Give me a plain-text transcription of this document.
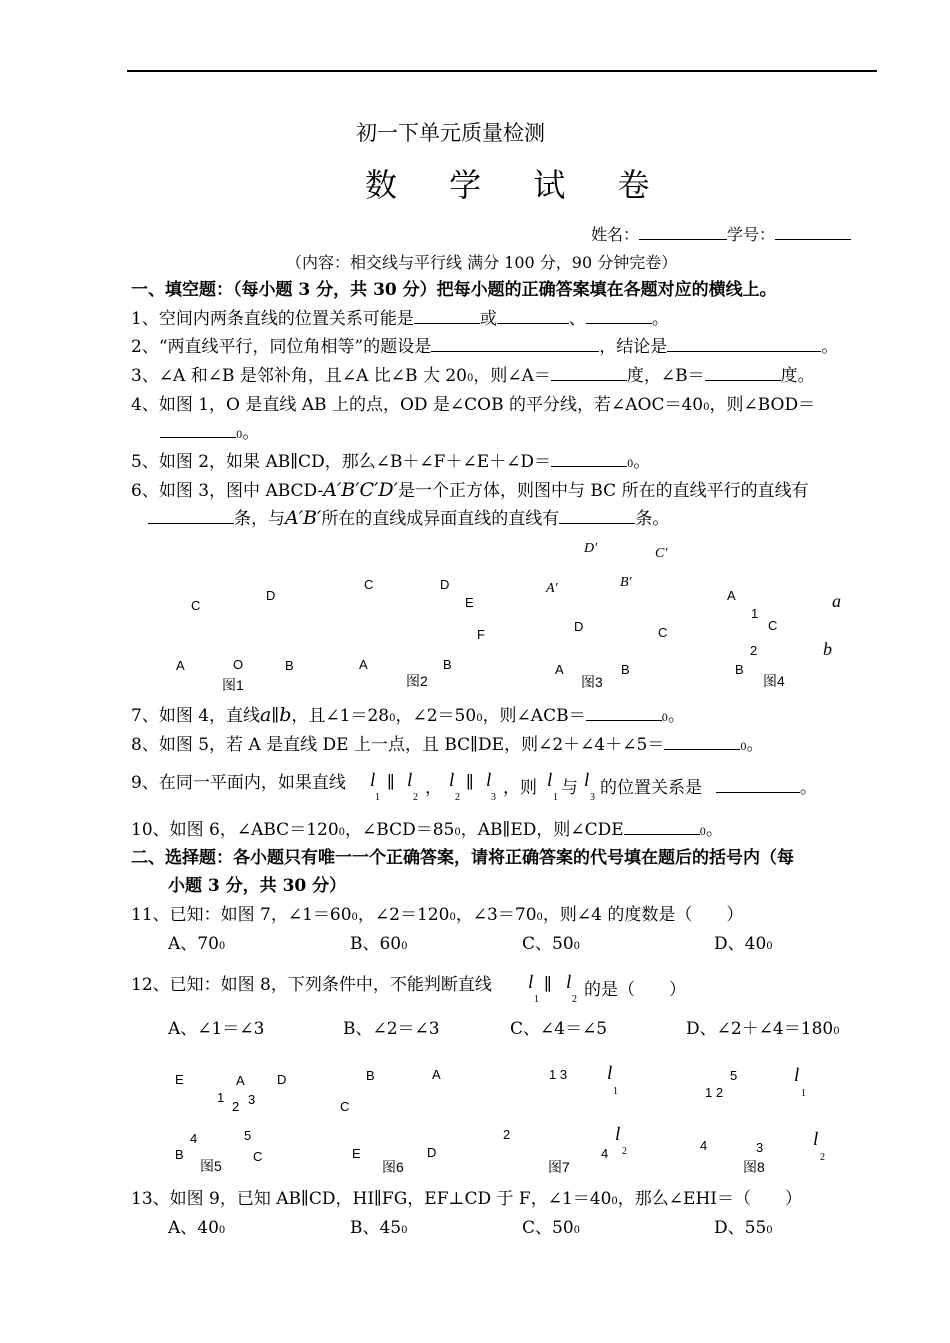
初一下单元质量检测
数 学 试 卷
姓名：	学号：
（内容：相交线与平行线 满分 100 分，90 分钟完卷）
一、填空题：（每小题 3 分，共 30 分）把每小题的正确答案填在各题对应的横线上。
1、空间内两条直线的位置关系可能是	或	、	。
2、“两直线平行，同位角相等”的题设是	，结论是	。
3、∠A 和∠B 是邻补角，且∠A 比∠B 大 200，则∠A＝	度，∠B＝	度。
4、如图 1，O 是直线 AB 上的点，OD 是∠COB 的平分线，若∠AOC＝400，则∠BOD＝
0。
5、如图 2，如果 AB∥CD，那么∠B＋∠F＋∠E＋∠D＝	0。
6、如图 3，图中 ABCD-A′B′C′D′是一个正方体，则图中与 BC 所在的直线平行的直线有
条，与A′B′所在的直线成异面直线的直线有	条。
C
D
A	O	B
图1
C	D
E
F
A	B
图2
D′	C′
A′	B′
D	C
A	B
图3
A
1
C
2
B
a
b
图4
7、如图 4，直线a∥b，且∠1＝280，∠2＝500，则∠ACB＝	0。
8、如图 5，若 A 是直线 DE 上一点，且 BC∥DE，则∠2＋∠4＋∠5＝	0。
9、在同一平面内，如果直线 l
1
∥ l
2 ， l
2
∥ l
3 ，则 l
1 与 l
3 的位置关系是	。
10、如图 6，∠ABC＝1200，∠BCD＝850，AB∥ED，则∠CDE	0。
二、选择题：各小题只有唯一一个正确答案，请将正确答案的代号填在题后的括号内（每
小题 3 分，共 30 分）
11、已知：如图 7，∠1＝600，∠2＝1200，∠3＝700，则∠4 的度数是（　　）
A、700	B、600	C、500	D、400
12、已知：如图 8，下列条件中，不能判断直线 l
1
∥ l
2 的是（　　）
A、∠1＝∠3	B、∠2＝∠3	C、∠4＝∠5	D、∠2＋∠4＝1800
E	A D
1
2 3
4	5
B	C
图5
B	A
C
E	D
图6
1 3 l
1
2	l
2
4
图7
5
1 2
l
1
4	3	l
2
图8
13、如图 9，已知 AB∥CD，HI∥FG，EF⊥CD 于 F，∠1＝400，那么∠EHI＝（　　）
A、400	B、450	C、500	D、550
